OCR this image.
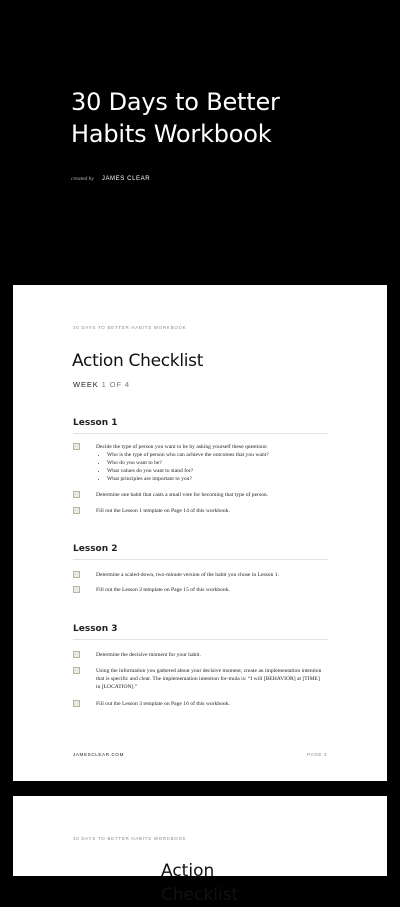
30 Days to Better
Habits Workbook
created by JAMES CLEAR
30 DAYS TO BETTER HABITS WORKBOOK
Action Checklist
WEEK 1 OF 4
Lesson 1
Decide the type of person you want to be by asking yourself these questions:
• Who is the type of person who can achieve the outcomes that you want?
• Who do you want to be?
• What values do you want to stand for?
• What principles are important to you?
Determine one habit that casts a small vote for becoming that type of person.
Fill out the Lesson 1 template on Page 14 of this workbook.
Lesson 2
Determine a scaled-down, two-minute version of the habit you chose in Lesson 1.
Fill out the Lesson 2 template on Page 15 of this workbook.
Lesson 3
Determine the decisive moment for your habit.
Using the information you gathered about your decisive moment, create an implementation intention that is specific and clear. The implementation intention for-mula is: “I will [BEHAVIOR] at [TIME] in [LOCATION].”
Fill out the Lesson 3 template on Page 16 of this workbook.
JAMESCLEAR.COM	PAGE 3
30 DAYS TO BETTER HABITS WORKBOOK
Action Checklist
